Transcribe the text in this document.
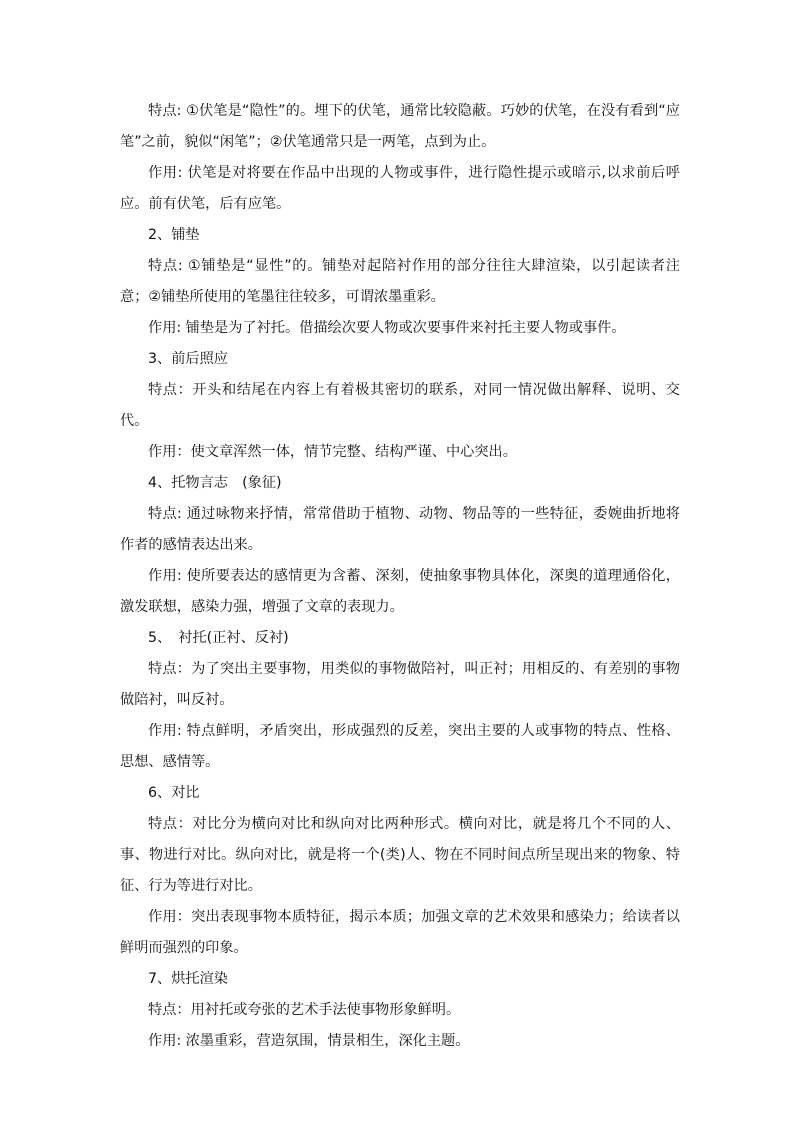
特点: ①伏笔是“隐性”的。埋下的伏笔，通常比较隐蔽。巧妙的伏笔，在没有看到“应笔”之前，貌似“闲笔”；②伏笔通常只是一两笔，点到为止。

作用: 伏笔是对将要在作品中出现的人物或事件，进行隐性提示或暗示,以求前后呼应。前有伏笔，后有应笔。

2、铺垫

特点: ①铺垫是“显性”的。铺垫对起陪衬作用的部分往往大肆渲染，以引起读者注意；②铺垫所使用的笔墨往往较多，可谓浓墨重彩。

作用: 铺垫是为了衬托。借描绘次要人物或次要事件来衬托主要人物或事件。

3、前后照应

特点：开头和结尾在内容上有着极其密切的联系，对同一情况做出解释、说明、交代。

作用：使文章浑然一体，情节完整、结构严谨、中心突出。

4、托物言志　(象征)

特点: 通过咏物来抒情，常常借助于植物、动物、物品等的一些特征，委婉曲折地将作者的感情表达出来。

作用: 使所要表达的感情更为含蓄、深刻，使抽象事物具体化，深奥的道理通俗化，激发联想，感染力强，增强了文章的表现力。

5、　衬托(正衬、反衬)

特点：为了突出主要事物，用类似的事物做陪衬，叫正衬；用相反的、有差别的事物做陪衬，叫反衬。

作用: 特点鲜明，矛盾突出，形成强烈的反差，突出主要的人或事物的特点、性格、思想、感情等。

6、对比

特点：对比分为横向对比和纵向对比两种形式。横向对比，就是将几个不同的人、事、物进行对比。纵向对比，就是将一个(类)人、物在不同时间点所呈现出来的物象、特征、行为等进行对比。

作用：突出表现事物本质特征，揭示本质；加强文章的艺术效果和感染力；给读者以鲜明而强烈的印象。

7、烘托渲染

特点：用衬托或夸张的艺术手法使事物形象鲜明。

作用: 浓墨重彩，营造氛围，情景相生，深化主题。
